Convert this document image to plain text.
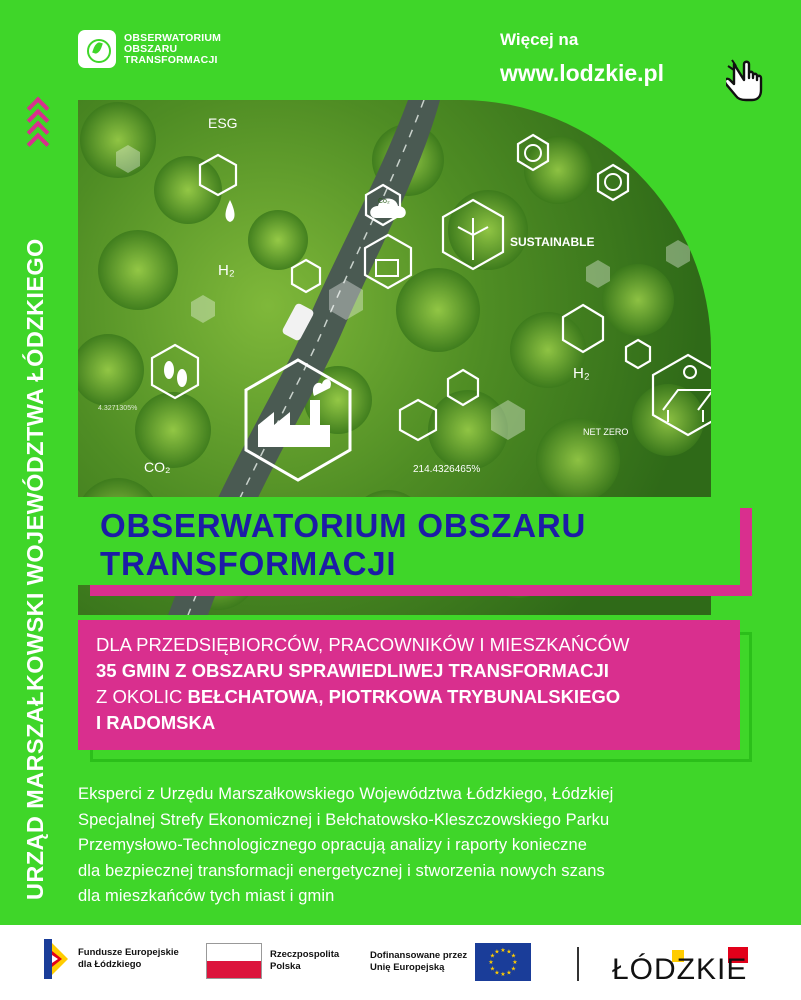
OBSERWATORIUM
OBSZARU
TRANSFORMACJI
Więcej na
www.lodzkie.pl
URZĄD MARSZAŁKOWSKI WOJEWÓDZTWA ŁÓDZKIEGO
ESG
SUSTAINABLE
H₂
H₂
CO₂
Co₂
NET ZERO
214.4326465%
4.3271305%
OBSERWATORIUM OBSZARU
TRANSFORMACJI
DLA PRZEDSIĘBIORCÓW, PRACOWNIKÓW I MIESZKAŃCÓW
35 GMIN Z OBSZARU SPRAWIEDLIWEJ TRANSFORMACJI
Z OKOLIC BEŁCHATOWA, PIOTRKOWA TRYBUNALSKIEGO
I RADOMSKA
Eksperci z Urzędu Marszałkowskiego Województwa Łódzkiego, Łódzkiej
Specjalnej Strefy Ekonomicznej i Bełchatowsko-Kleszczowskiego Parku
Przemysłowo-Technologicznego opracują analizy i raporty konieczne
dla bezpiecznej transformacji energetycznej i stworzenia nowych szans
dla mieszkańców tych miast i gmin
Fundusze Europejskie
dla Łódzkiego
Rzeczpospolita
Polska
Dofinansowane przez
Unię Europejską
★ ★
★
★
★
★
★
★
★
★
★
★
ŁÓDZKIE
